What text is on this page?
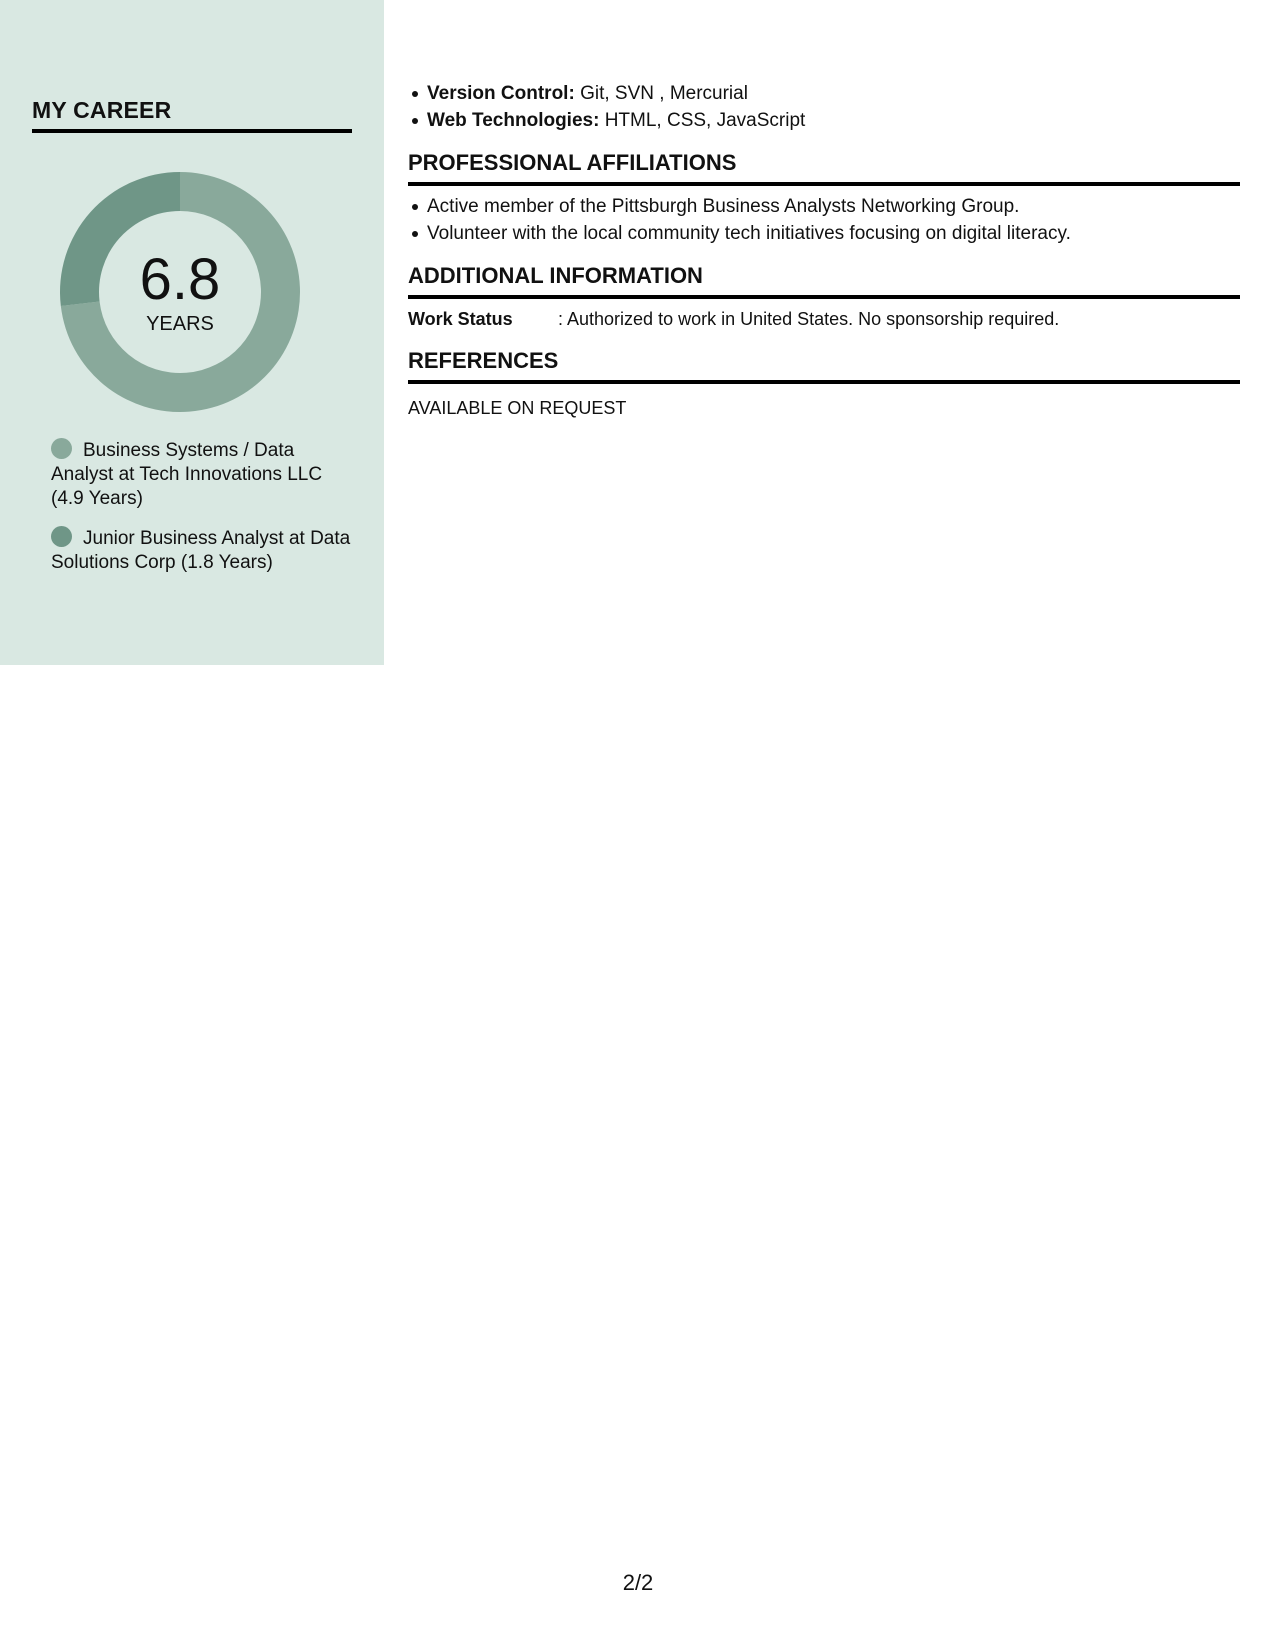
MY CAREER
6.8
YEARS
Business Systems / Data Analyst at Tech Innovations LLC (4.9 Years)
Junior Business Analyst at Data Solutions Corp (1.8 Years)
Version Control: Git, SVN , Mercurial
Web Technologies: HTML, CSS, JavaScript
PROFESSIONAL AFFILIATIONS
Active member of the Pittsburgh Business Analysts Networking Group.
Volunteer with the local community tech initiatives focusing on digital literacy.
ADDITIONAL INFORMATION
Work Status	: Authorized to work in United States. No sponsorship required.
REFERENCES
AVAILABLE ON REQUEST
2/2
